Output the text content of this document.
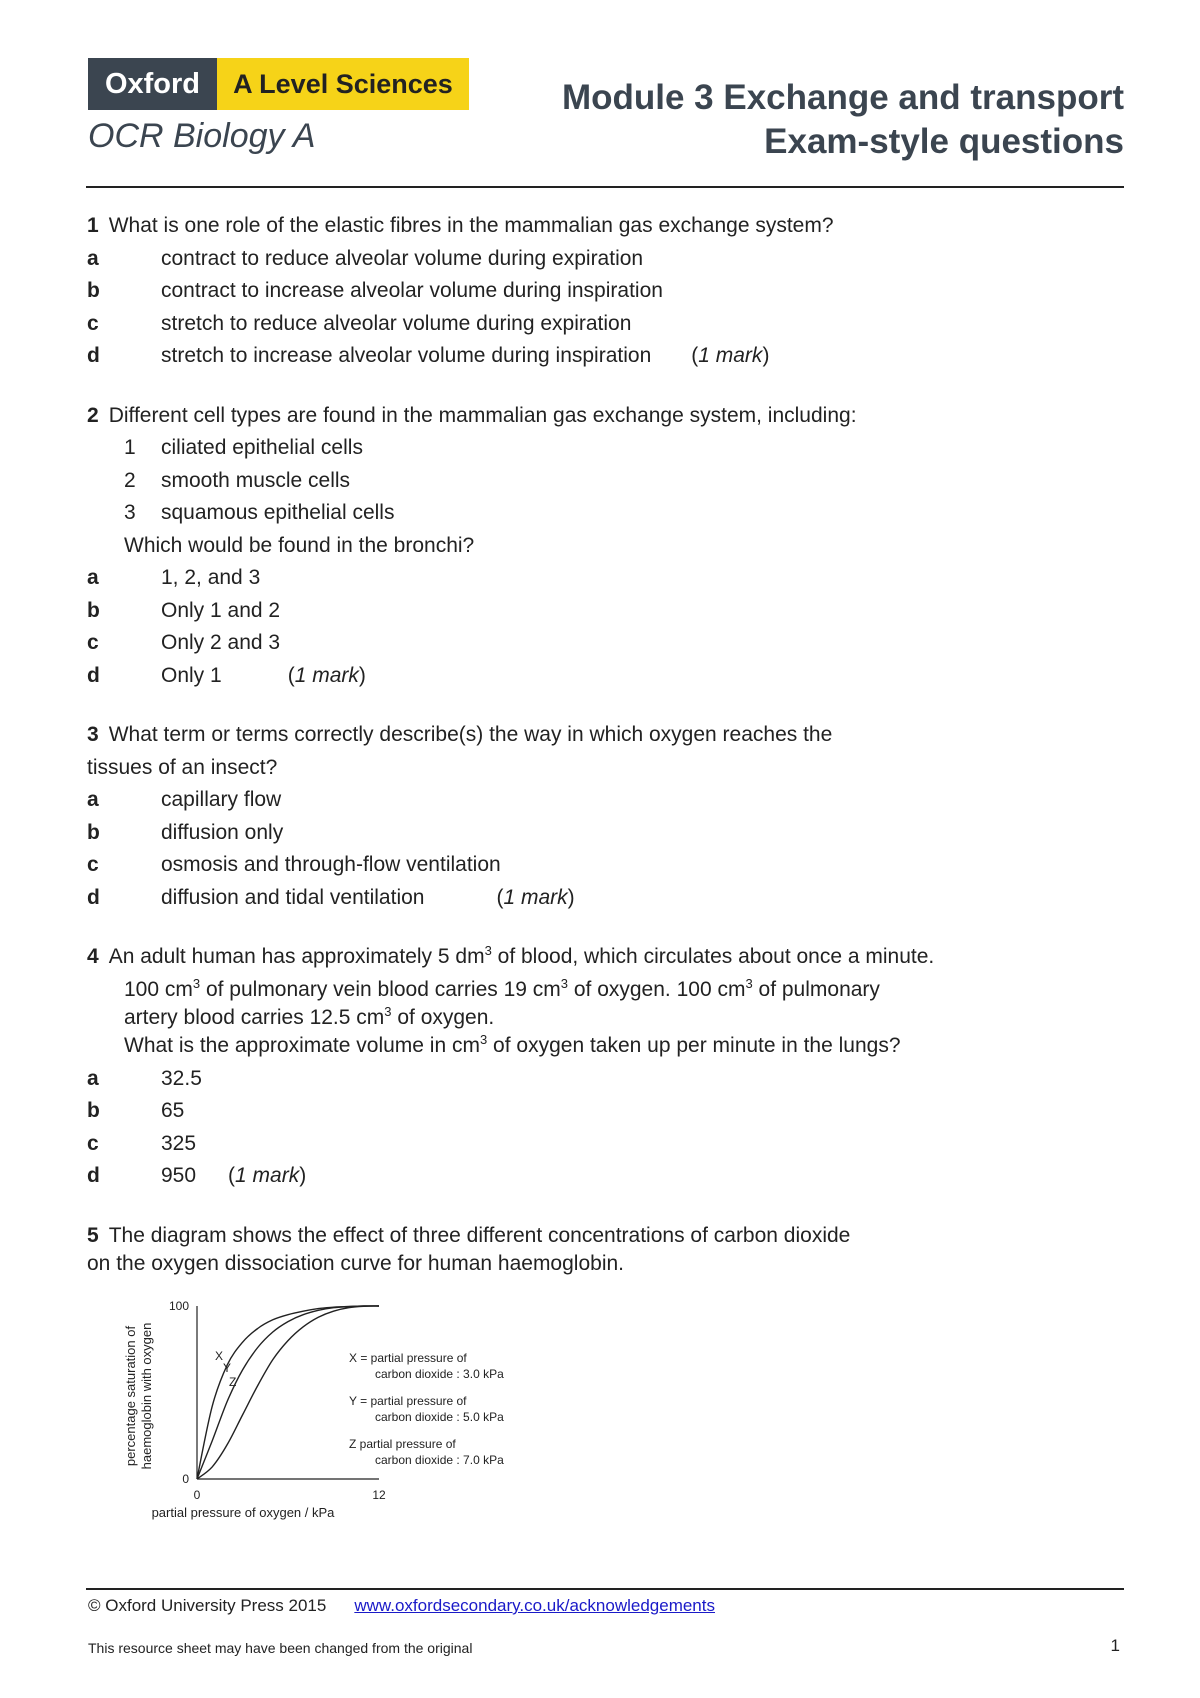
Oxford	A Level Sciences
OCR Biology A
Module 3 Exchange and transport
Exam-style questions
1 What is one role of the elastic fibres in the mammalian gas exchange system?
a	contract to reduce alveolar volume during expiration
b	contract to increase alveolar volume during inspiration
c	stretch to reduce alveolar volume during expiration
d	stretch to increase alveolar volume during inspiration (1 mark)
2 Different cell types are found in the mammalian gas exchange system, including:
1	ciliated epithelial cells
2	smooth muscle cells
3	squamous epithelial cells
Which would be found in the bronchi?
a	1, 2, and 3
b	Only 1 and 2
c	Only 2 and 3
d	Only 1	(1 mark)
3 What term or terms correctly describe(s) the way in which oxygen reaches the
tissues of an insect?
a	capillary flow
b	diffusion only
c	osmosis and through-flow ventilation
d	diffusion and tidal ventilation	(1 mark)
4 An adult human has approximately 5 $dm^3$ of blood, which circulates about once a minute.
100 $cm^3$ of pulmonary vein blood carries 19 $cm^3$ of oxygen. 100 $cm^3$ of pulmonary
artery blood carries 12.5 $cm^3$ of oxygen.
What is the approximate volume in $cm^3$ of oxygen taken up per minute in the lungs?
a	32.5
b	65
c	325
d	950 (1 mark)
5 The diagram shows the effect of three different concentrations of carbon dioxide
on the oxygen dissociation curve for human haemoglobin.
percentage saturation of haemoglobin with oxygen
100
0
0	12
partial pressure of oxygen / kPa
X
Y
Z
X = partial pressure of
carbon dioxide : 3.0 kPa
Y = partial pressure of
carbon dioxide : 5.0 kPa
Z partial pressure of
carbon dioxide : 7.0 kPa
© Oxford University Press 2015 www.oxfordsecondary.co.uk/acknowledgements
This resource sheet may have been changed from the original	1
